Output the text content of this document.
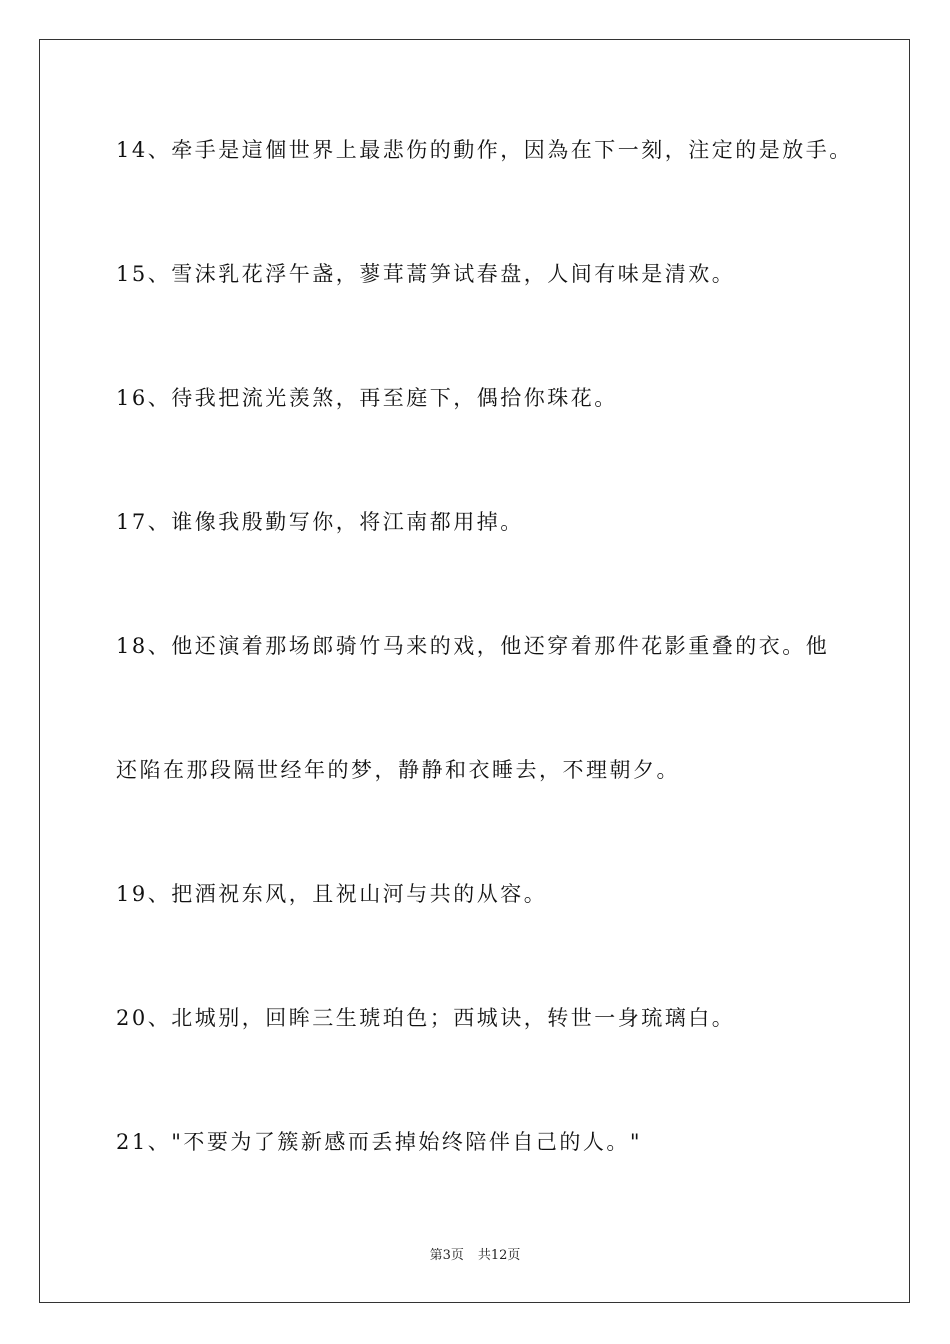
14、牵手是這個世界上最悲伤的動作，因為在下一刻，注定的是放手。
15、雪沫乳花浮午盏，蓼茸蒿笋试春盘，人间有味是清欢。
16、待我把流光羡煞，再至庭下，偶拾你珠花。
17、谁像我殷勤写你，将江南都用掉。
18、他还演着那场郎骑竹马来的戏，他还穿着那件花影重叠的衣。他
还陷在那段隔世经年的梦，静静和衣睡去，不理朝夕。
19、把酒祝东风，且祝山河与共的从容。
20、北城别，回眸三生琥珀色；西城诀，转世一身琉璃白。
21、"不要为了簇新感而丢掉始终陪伴自己的人。"
第3页 共12页
